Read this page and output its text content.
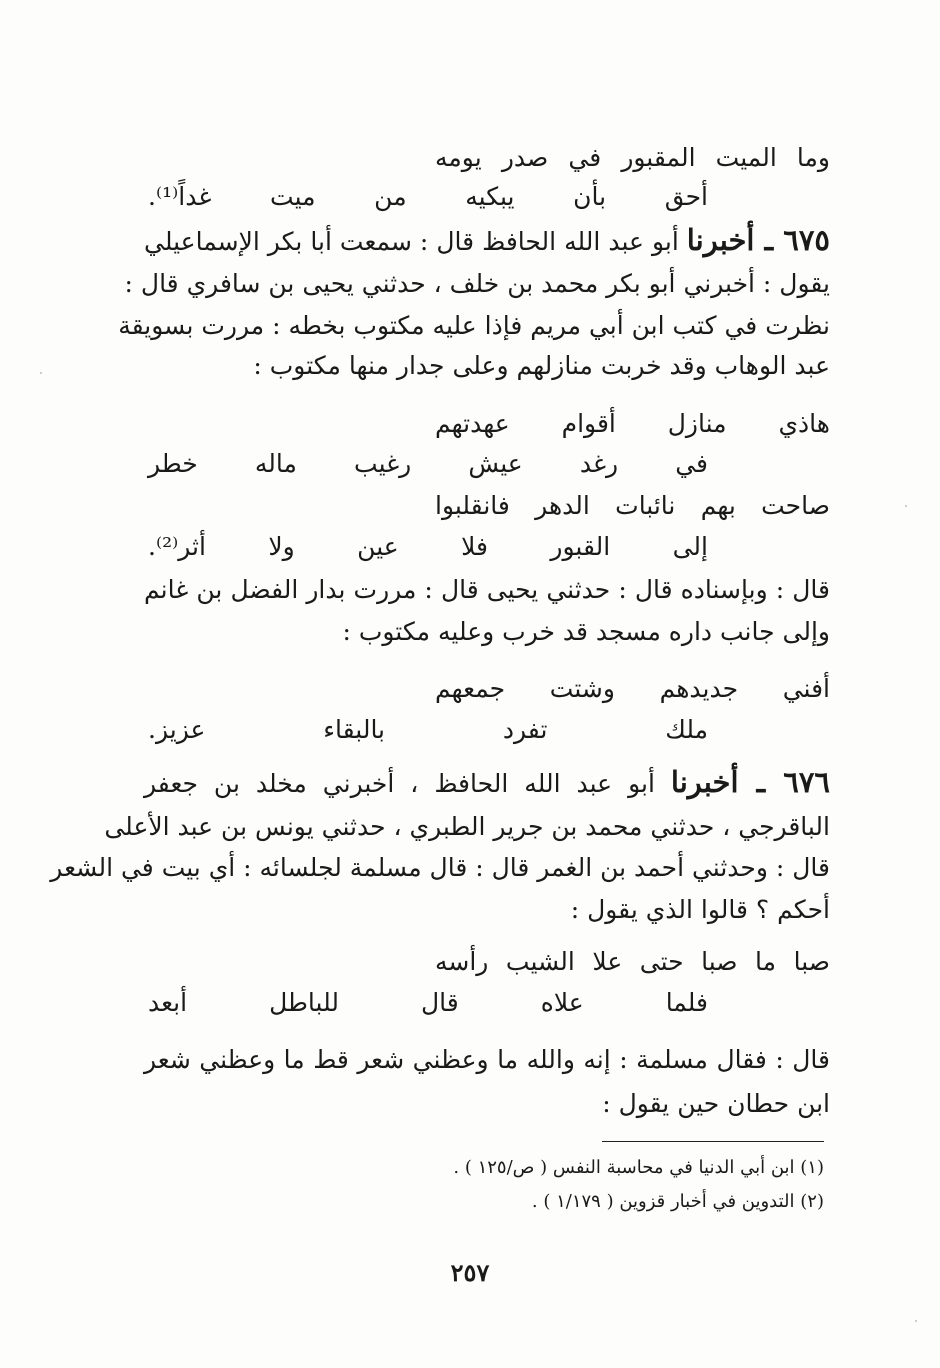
وما الميت المقبور في صدر يومه
أحق بأن يبكيه من ميت غداً⁽¹⁾.
٦٧٥ ـ أخبرنا أبو عبد الله الحافظ قال : سمعت أبا بكر الإسماعيلي
يقول : أخبرني أبو بكر محمد بن خلف ، حدثني يحيى بن سافري قال :
نظرت في كتب ابن أبي مريم فإذا عليه مكتوب بخطه : مررت بسويقة
عبد الوهاب وقد خربت منازلهم وعلى جدار منها مكتوب :
هاذي منازل أقوام عهدتهم
في رغد عيش رغيب ماله خطر
صاحت بهم نائبات الدهر فانقلبوا
إلى القبور فلا عين ولا أثر⁽²⁾.
قال : وبإسناده قال : حدثني يحيى قال : مررت بدار الفضل بن غانم
وإلى جانب داره مسجد قد خرب وعليه مكتوب :
أفني جديدهم وشتت جمعهم
ملك تفرد بالبقاء عزيز.
٦٧٦ ـ أخبرنا أبو عبد الله الحافظ ، أخبرني مخلد بن جعفر
الباقرجي ، حدثني محمد بن جرير الطبري ، حدثني يونس بن عبد الأعلى
قال : وحدثني أحمد بن الغمر قال : قال مسلمة لجلسائه : أي بيت في الشعر
أحكم ؟ قالوا الذي يقول :
صبا ما صبا حتى علا الشيب رأسه
فلما علاه قال للباطل أبعد
قال : فقال مسلمة : إنه والله ما وعظني شعر قط ما وعظني شعر
ابن حطان حين يقول :
(١) ابن أبي الدنيا في محاسبة النفس ( ص/١٢٥ ) .
(٢) التدوين في أخبار قزوين ( ١/١٧٩ ) .
٢٥٧
